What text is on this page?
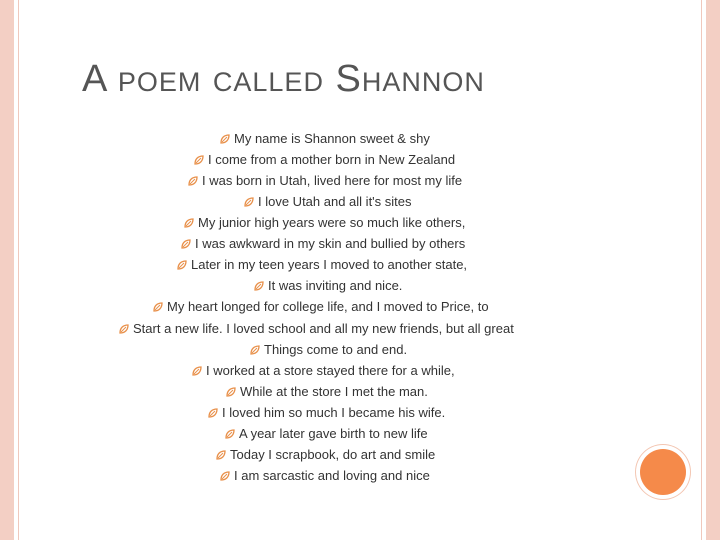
A POEM CALLED SHANNON
My name is Shannon sweet & shy
I come from a mother born in New Zealand
I was born in Utah, lived here for most my life
I love Utah and all it's sites
My junior high years were so much like others,
I was awkward in my skin and bullied by others
Later in my teen years I moved to another state,
It was inviting and nice.
My heart longed for college life, and I moved to Price, to
Start a new life. I loved school and all my new friends, but all great
Things come to and end.
I worked at a store stayed there for a while,
While at the store I met the man.
I loved him so much I became his wife.
A year later gave birth to new life
Today I scrapbook, do art and smile
I am sarcastic and loving and nice
